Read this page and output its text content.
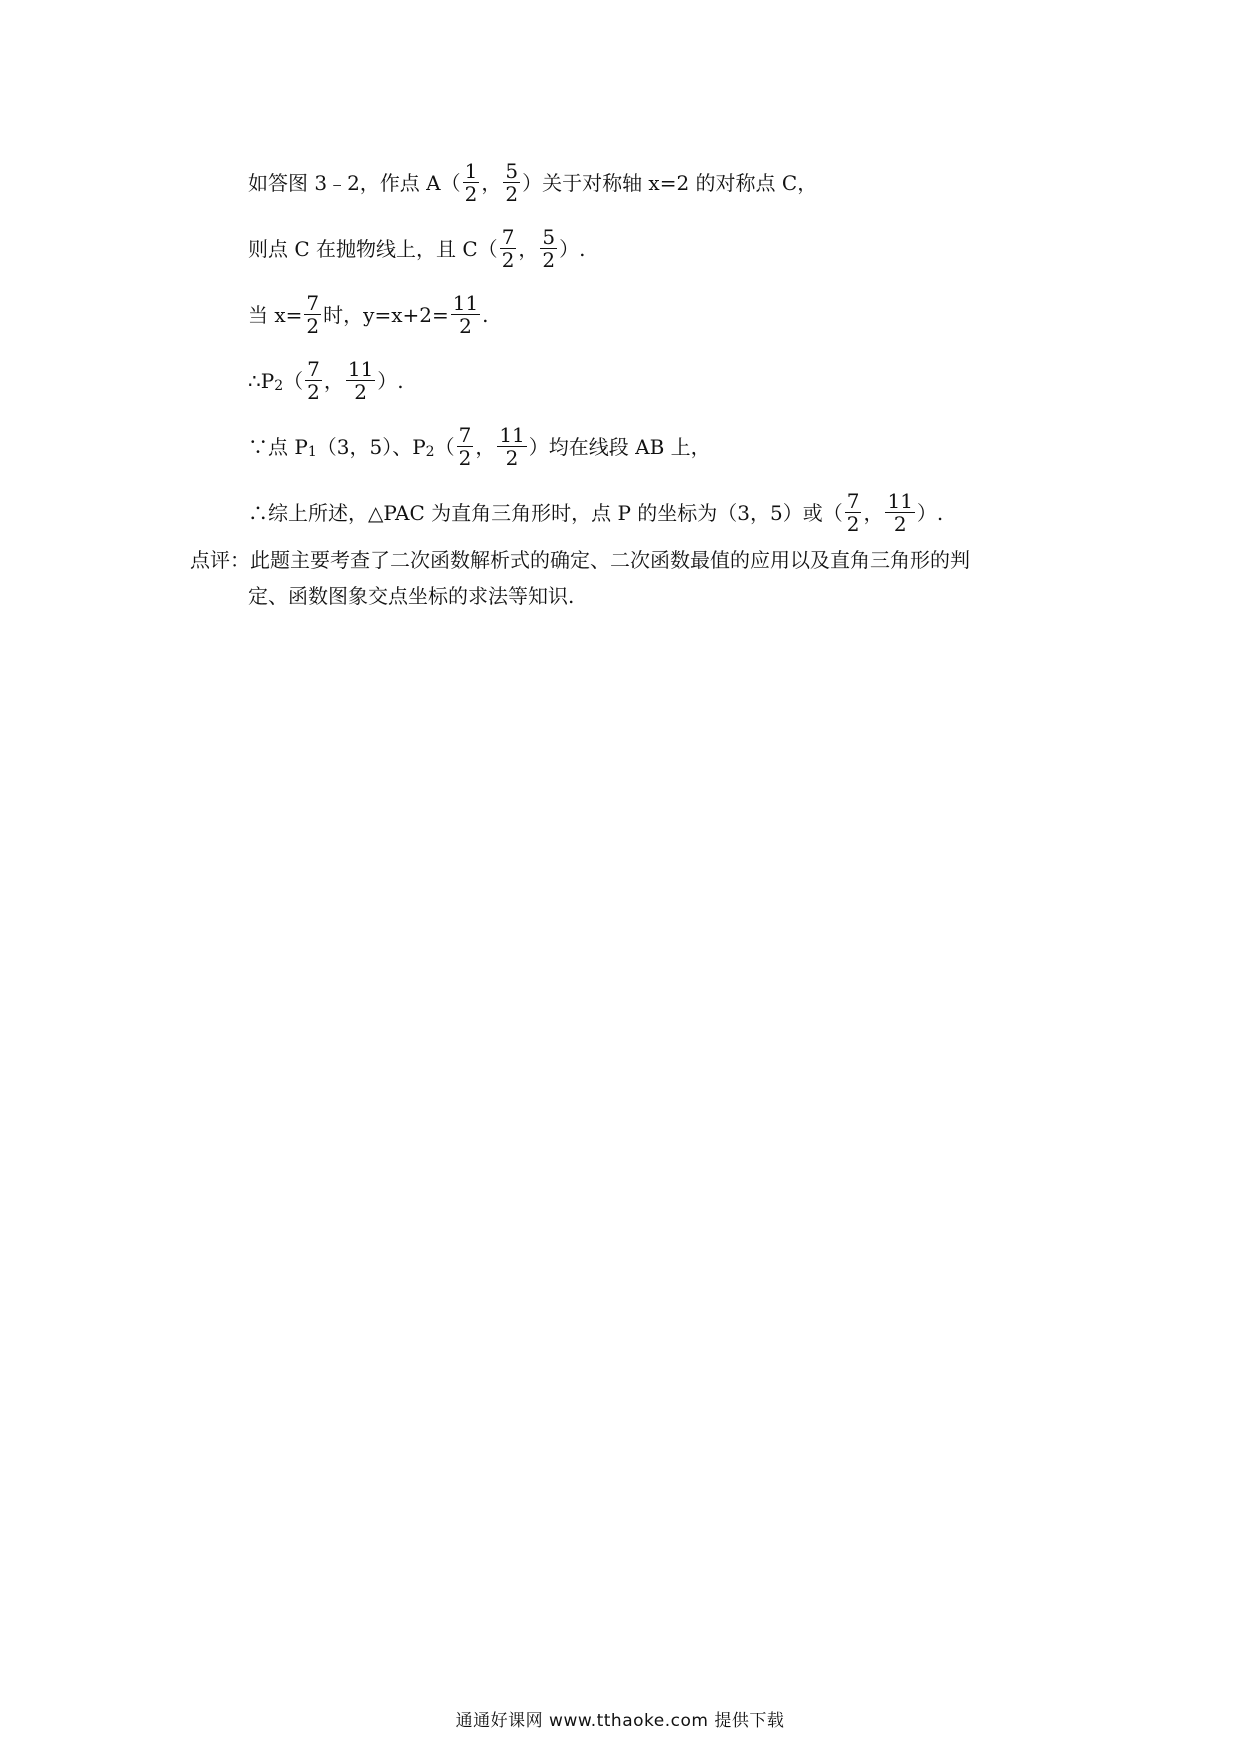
如答图 3﹣2，作点 $A( \frac{1}{2}$ ， $\frac{5}{2}$ ）关于对称轴 x=2 的对称点 C，
则点 C 在抛物线上，且 $C( \frac{7}{2}$ ， $\frac{5}{2}$ ）.
当 $x= \frac{7}{2}$ 时，$y=x+2= \frac{11}{2}$ .
∴P 2 （ $\frac{7}{2}$ ， $\frac{11}{2}$ ）.
∵点 P 1 （3，5）、P 2 （ $\frac{7}{2}$ ， $\frac{11}{2}$ ）均在线段 AB 上，
∴综上所述，△PAC 为直角三角形时，点 P 的坐标为（3，5）或（ $\frac{7}{2}$ ， $\frac{11}{2}$ ）.
点评：此题主要考查了二次函数解析式的确定、二次函数最值的应用以及直角三角形的判
定、函数图象交点坐标的求法等知识.
通通好课网 www.tthaoke.com 提供下载
